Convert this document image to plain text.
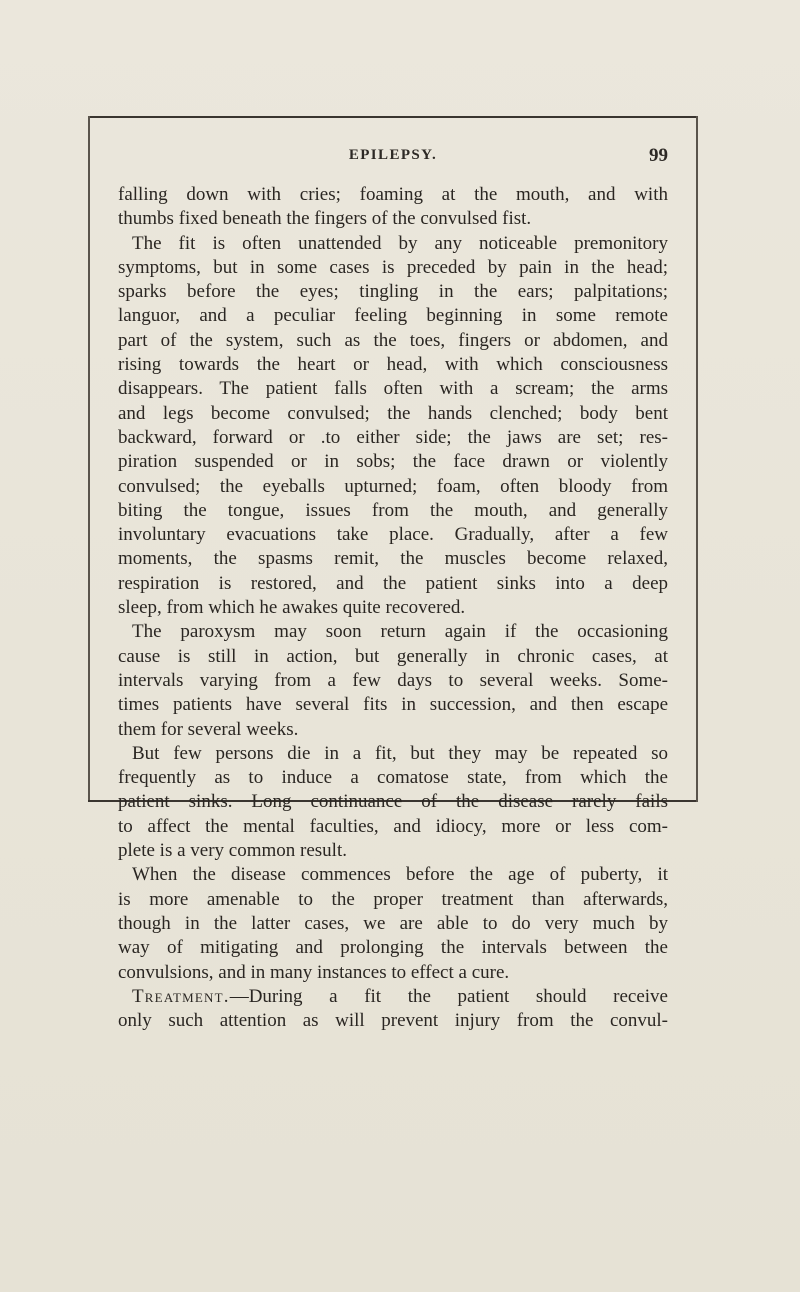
EPILEPSY.	99
falling down with cries; foaming at the mouth, and with
thumbs fixed beneath the fingers of the convulsed fist.
The fit is often unattended by any noticeable premonitory
symptoms, but in some cases is preceded by pain in the head;
sparks before the eyes; tingling in the ears; palpitations;
languor, and a peculiar feeling beginning in some remote
part of the system, such as the toes, fingers or abdomen, and
rising towards the heart or head, with which consciousness
disappears. The patient falls often with a scream; the arms
and legs become convulsed; the hands clenched; body bent
backward, forward or .to either side; the jaws are set; res-
piration suspended or in sobs; the face drawn or violently
convulsed; the eyeballs upturned; foam, often bloody from
biting the tongue, issues from the mouth, and generally
involuntary evacuations take place. Gradually, after a few
moments, the spasms remit, the muscles become relaxed,
respiration is restored, and the patient sinks into a deep
sleep, from which he awakes quite recovered.
The paroxysm may soon return again if the occasioning
cause is still in action, but generally in chronic cases, at
intervals varying from a few days to several weeks. Some-
times patients have several fits in succession, and then escape
them for several weeks.
But few persons die in a fit, but they may be repeated so
frequently as to induce a comatose state, from which the
patient sinks. Long continuance of the disease rarely fails
to affect the mental faculties, and idiocy, more or less com-
plete is a very common result.
When the disease commences before the age of puberty, it
is more amenable to the proper treatment than afterwards,
though in the latter cases, we are able to do very much by
way of mitigating and prolonging the intervals between the
convulsions, and in many instances to effect a cure.
Treatment.—During a fit the patient should receive
only such attention as will prevent injury from the convul-
